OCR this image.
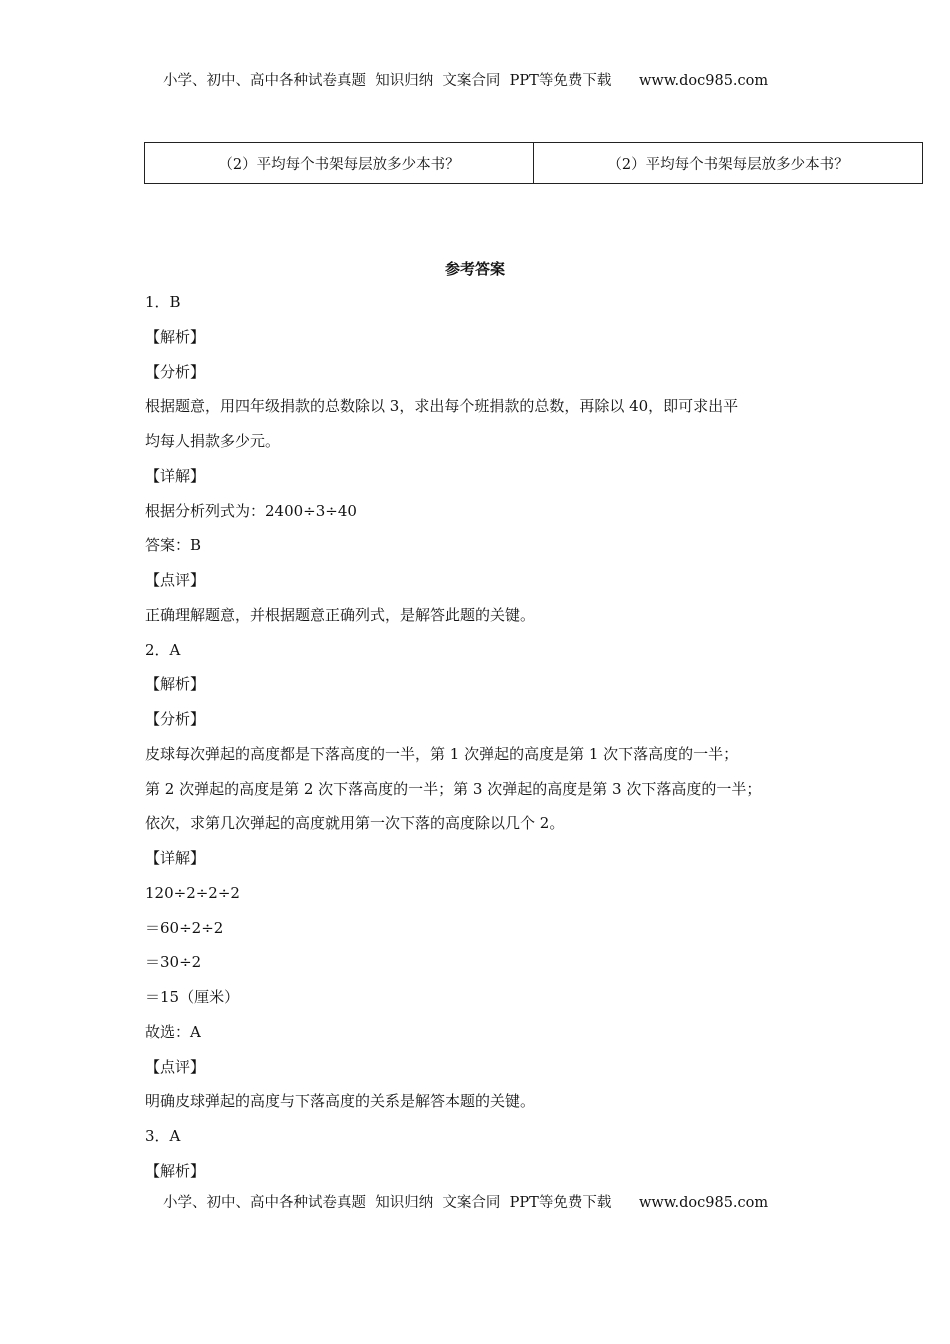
小学、初中、高中各种试卷真题  知识归纳  文案合同  PPT等免费下载      www.doc985.com
（2）平均每个书架每层放多少本书？	（2）平均每个书架每层放多少本书？
参考答案
1．B
【解析】
【分析】
根据题意，用四年级捐款的总数除以 3，求出每个班捐款的总数，再除以 40，即可求出平
均每人捐款多少元。
【详解】
根据分析列式为：2400÷3÷40
答案：B
【点评】
正确理解题意，并根据题意正确列式，是解答此题的关键。
2．A
【解析】
【分析】
皮球每次弹起的高度都是下落高度的一半，第 1 次弹起的高度是第 1 次下落高度的一半；
第 2 次弹起的高度是第 2 次下落高度的一半；第 3 次弹起的高度是第 3 次下落高度的一半；
依次，求第几次弹起的高度就用第一次下落的高度除以几个 2。
【详解】
120÷2÷2÷2
＝60÷2÷2
＝30÷2
＝15（厘米）
故选：A
【点评】
明确皮球弹起的高度与下落高度的关系是解答本题的关键。
3．A
【解析】
小学、初中、高中各种试卷真题  知识归纳  文案合同  PPT等免费下载      www.doc985.com
